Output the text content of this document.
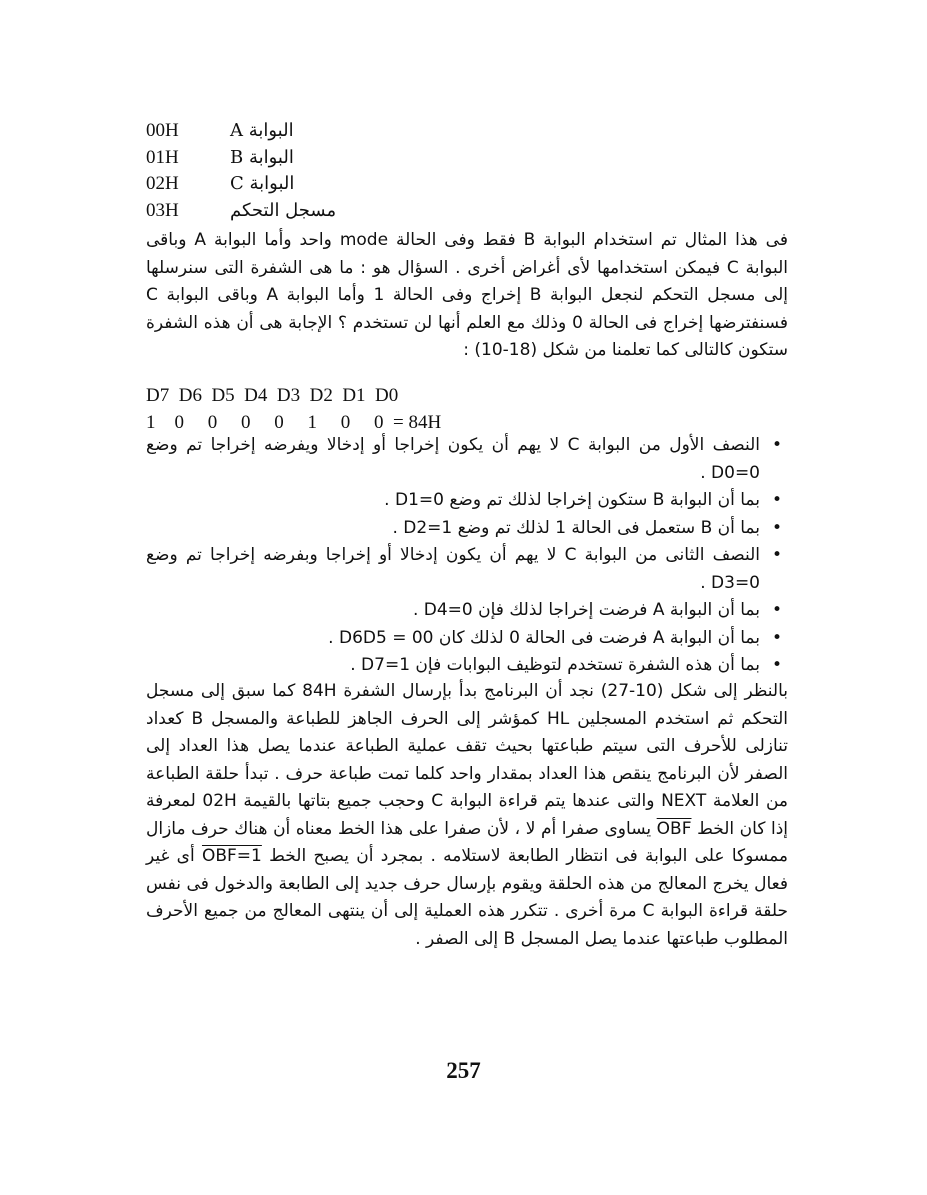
00H	البوابة A
01H	البوابة B
02H	البوابة C
03H	مسجل التحكم

فى هذا المثال تم استخدام البوابة B فقط وفى الحالة mode واحد وأما البوابة A وباقى البوابة C فيمكن استخدامها لأى أغراض أخرى . السؤال هو : ما هى الشفرة التى سنرسلها إلى مسجل التحكم لنجعل البوابة B إخراج وفى الحالة 1 وأما البوابة A وباقى البوابة C فسنفترضها إخراج فى الحالة 0 وذلك مع العلم أنها لن تستخدم ؟ الإجابة هى أن هذه الشفرة ستكون كالتالى كما تعلمنا من شكل (18-10) :

D7  D6  D5  D4  D3  D2  D1  D0
1    0     0     0     0     1     0     0  = 84H

• النصف الأول من البوابة C لا يهم أن يكون إخراجا أو إدخالا ويفرضه إخراجا تم وضع D0=0 .

• بما أن البوابة B ستكون إخراجا لذلك تم وضع D1=0 .

• بما أن B ستعمل فى الحالة 1 لذلك تم وضع D2=1 .

• النصف الثانى من البوابة C لا يهم أن يكون إدخالا أو إخراجا وبفرضه إخراجا تم وضع D3=0 .

• بما أن البوابة A فرضت إخراجا لذلك فإن D4=0 .

• بما أن البوابة A فرضت فى الحالة 0 لذلك كان D6D5 = 00 .

• بما أن هذه الشفرة تستخدم لتوظيف البوابات فإن D7=1 .

بالنظر إلى شكل (10-27) نجد أن البرنامج بدأ بإرسال الشفرة 84H كما سبق إلى مسجل التحكم ثم استخدم المسجلين HL كمؤشر إلى الحرف الجاهز للطباعة والمسجل B كعداد تنازلى للأحرف التى سيتم طباعتها بحيث تقف عملية الطباعة عندما يصل هذا العداد إلى الصفر لأن البرنامج ينقص هذا العداد بمقدار واحد كلما تمت طباعة حرف . تبدأ حلقة الطباعة من العلامة NEXT والتى عندها يتم قراءة البوابة C وحجب جميع بتاتها بالقيمة 02H لمعرفة إذا كان الخط $\overline{OBF}$ يساوى صفرا أم لا ، لأن صفرا على هذا الخط معناه أن هناك حرف مازال ممسوكا على البوابة فى انتظار الطابعة لاستلامه . بمجرد أن يصبح الخط OBF=1 أى غير فعال يخرج المعالج من هذه الحلقة ويقوم بإرسال حرف جديد إلى الطابعة والدخول فى نفس حلقة قراءة البوابة C مرة أخرى . تتكرر هذه العملية إلى أن ينتهى المعالج من جميع الأحرف المطلوب طباعتها عندما يصل المسجل B إلى الصفر .

257
